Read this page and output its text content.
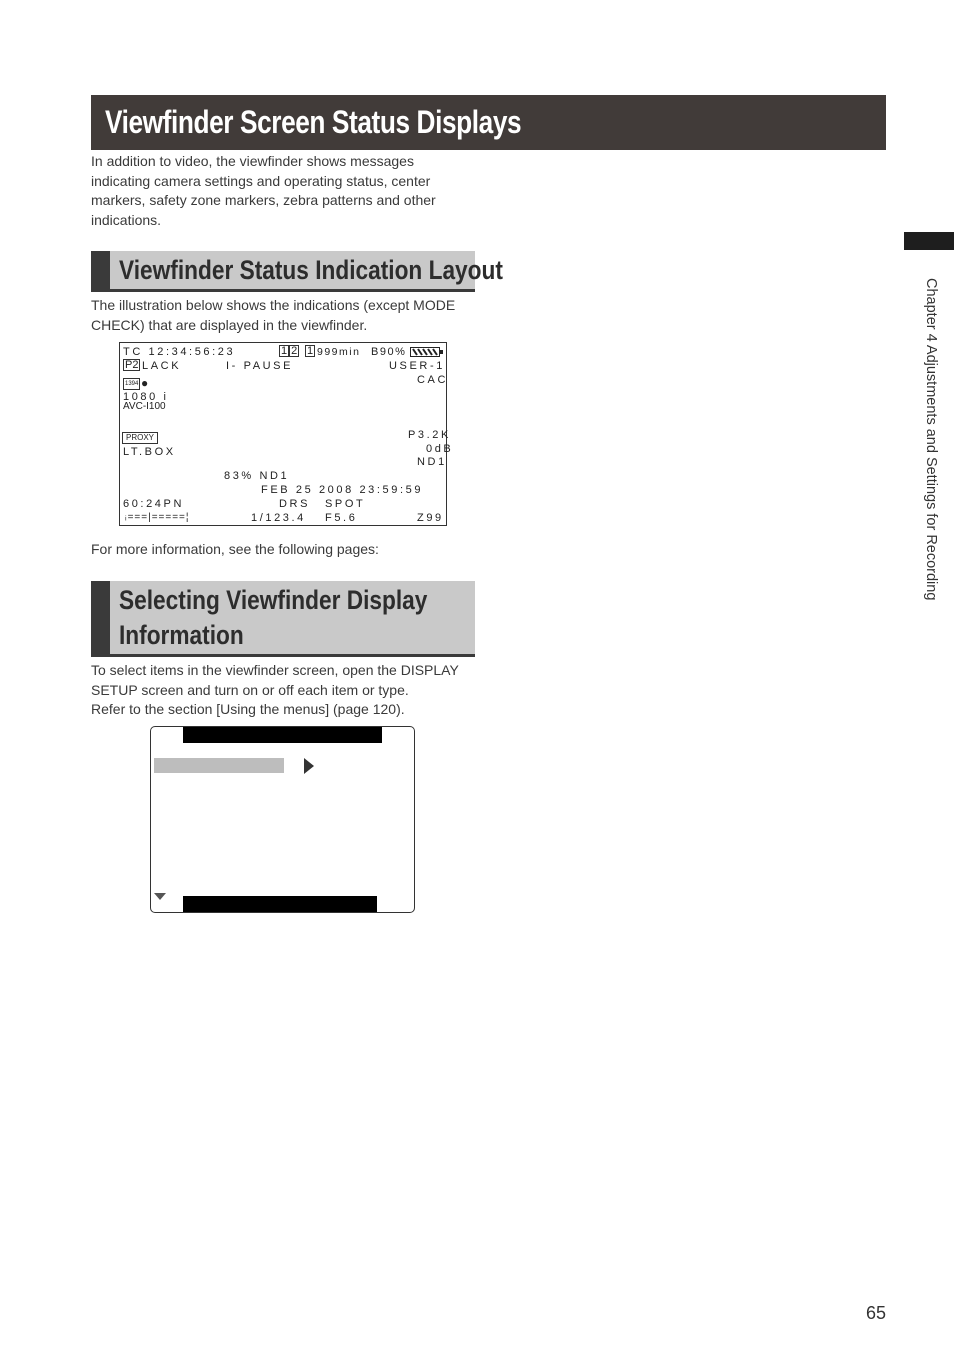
Viewfinder Screen Status Displays
In addition to video, the viewfinder shows messages indicating camera settings and operating status, center markers, safety zone markers, zebra patterns and other indications.
Viewfinder Status Indication Layout
The illustration below shows the indications (except MODE CHECK) that are displayed in the viewfinder.
TC 12:34:56:23	1 2 1 999min B90%
P2 LACK	I- PAUSE	USER-1
CAC
1394 ●
1080 i
AVC-I100
PROXY	P3.2K
0dB
LT.BOX
ND1
83% ND1
FEB 25 2008 23:59:59
60:24PN	DRS SPOT
ᵢ===|=====¦	1/123.4 F5.6	Z99
For more information, see the following pages:
Selecting Viewfinder Display
Information
To select items in the viewfinder screen, open the DISPLAY SETUP screen and turn on or off each item or type.
Refer to the section [Using the menus] (page 120).
Chapter 4 Adjustments and Settings for Recording
65
